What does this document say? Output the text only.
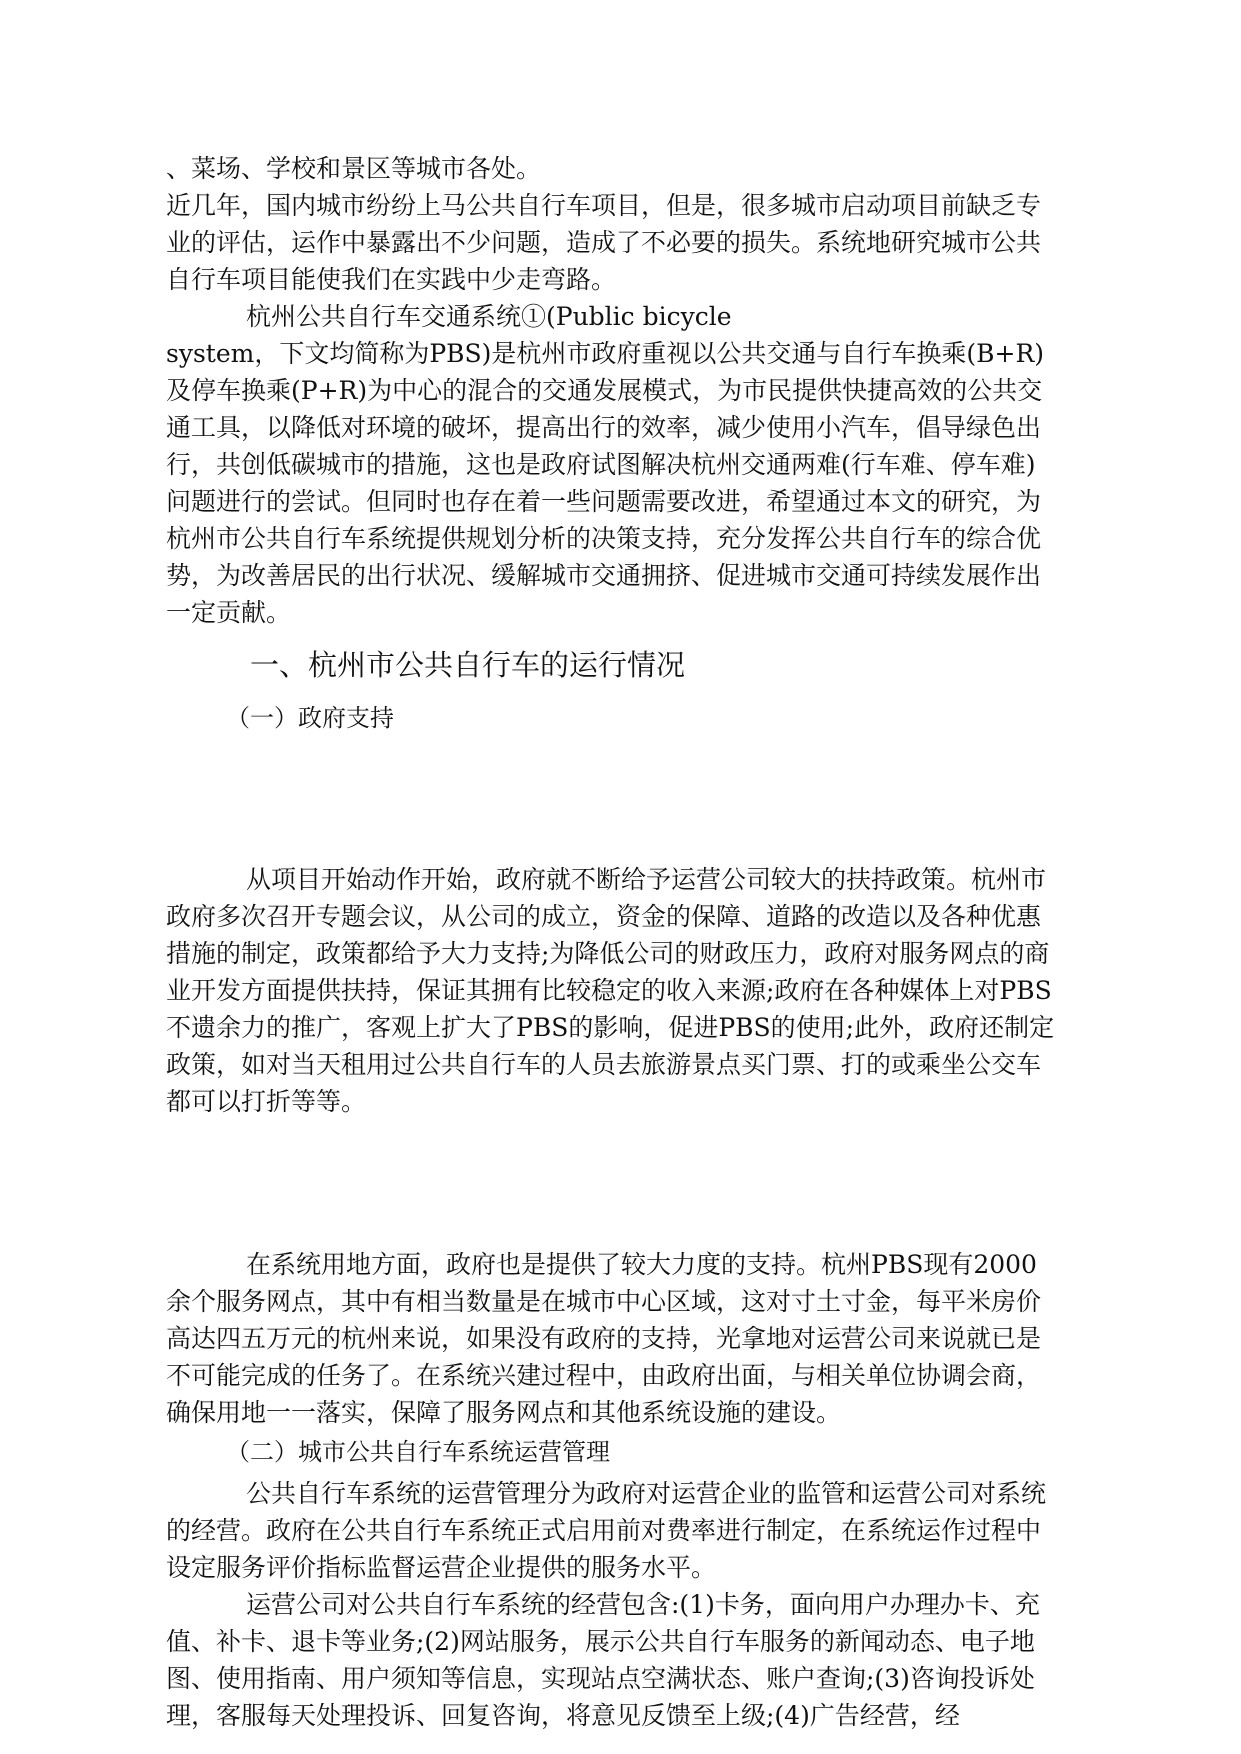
、菜场、学校和景区等城市各处。

近几年，国内城市纷纷上马公共自行车项目，但是，很多城市启动项目前缺乏专业的评估，运作中暴露出不少问题，造成了不必要的损失。系统地研究城市公共自行车项目能使我们在实践中少走弯路。

杭州公共自行车交通系统①(Public bicycle

system，下文均简称为PBS)是杭州市政府重视以公共交通与自行车换乘(B+R)及停车换乘(P+R)为中心的混合的交通发展模式，为市民提供快捷高效的公共交通工具，以降低对环境的破坏，提高出行的效率，减少使用小汽车，倡导绿色出行，共创低碳城市的措施，这也是政府试图解决杭州交通两难(行车难、停车难)问题进行的尝试。但同时也存在着一些问题需要改进，希望通过本文的研究，为杭州市公共自行车系统提供规划分析的决策支持，充分发挥公共自行车的综合优势，为改善居民的出行状况、缓解城市交通拥挤、促进城市交通可持续发展作出一定贡献。

一、杭州市公共自行车的运行情况
（一）政府支持

从项目开始动作开始，政府就不断给予运营公司较大的扶持政策。杭州市政府多次召开专题会议，从公司的成立，资金的保障、道路的改造以及各种优惠措施的制定，政策都给予大力支持;为降低公司的财政压力，政府对服务网点的商业开发方面提供扶持，保证其拥有比较稳定的收入来源;政府在各种媒体上对PBS不遗余力的推广，客观上扩大了PBS的影响，促进PBS的使用;此外，政府还制定政策，如对当天租用过公共自行车的人员去旅游景点买门票、打的或乘坐公交车都可以打折等等。

在系统用地方面，政府也是提供了较大力度的支持。杭州PBS现有2000余个服务网点，其中有相当数量是在城市中心区域，这对寸土寸金，每平米房价高达四五万元的杭州来说，如果没有政府的支持，光拿地对运营公司来说就已是不可能完成的任务了。在系统兴建过程中，由政府出面，与相关单位协调会商，确保用地一一落实，保障了服务网点和其他系统设施的建设。

（二）城市公共自行车系统运营管理

公共自行车系统的运营管理分为政府对运营企业的监管和运营公司对系统的经营。政府在公共自行车系统正式启用前对费率进行制定，在系统运作过程中设定服务评价指标监督运营企业提供的服务水平。

运营公司对公共自行车系统的经营包含:(1)卡务，面向用户办理办卡、充值、补卡、退卡等业务;(2)网站服务，展示公共自行车服务的新闻动态、电子地图、使用指南、用户须知等信息，实现站点空满状态、账户查询;(3)咨询投诉处理，客服每天处理投诉、回复咨询，将意见反馈至上级;(4)广告经营，经
